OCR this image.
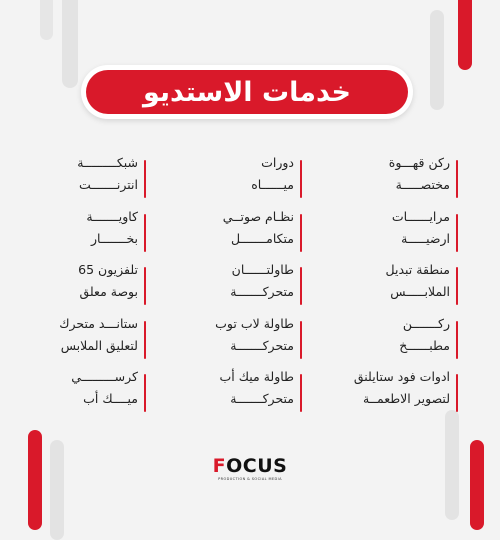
خدمات الاستديو
شبكـــــــــة
انترنـــــــت
دورات
ميــــــاه
ركن قهـــوة
مختصـــــة
كاويـــــــة
بخـــــــار
نظـام صوتــي
متكامـــــــل
مرايــــــات
ارضيـــــة
تلفزيون 65
بوصة معلق
طاولتــــــان
متحركـــــــة
منطقة تبديل
الملابـــــس
ستانـــد متحرك
لتعليق الملابس
طاولة لاب توب
متحركـــــــة
ركـــــــن
مطبــــــخ
كرســـــــــي
ميــــك أب
طاولة ميك أب
متحركـــــــة
ادوات فود ستايلنق
لتصوير الاطعمــة
FOCUS
PRODUCTION & SOCIAL MEDIA
